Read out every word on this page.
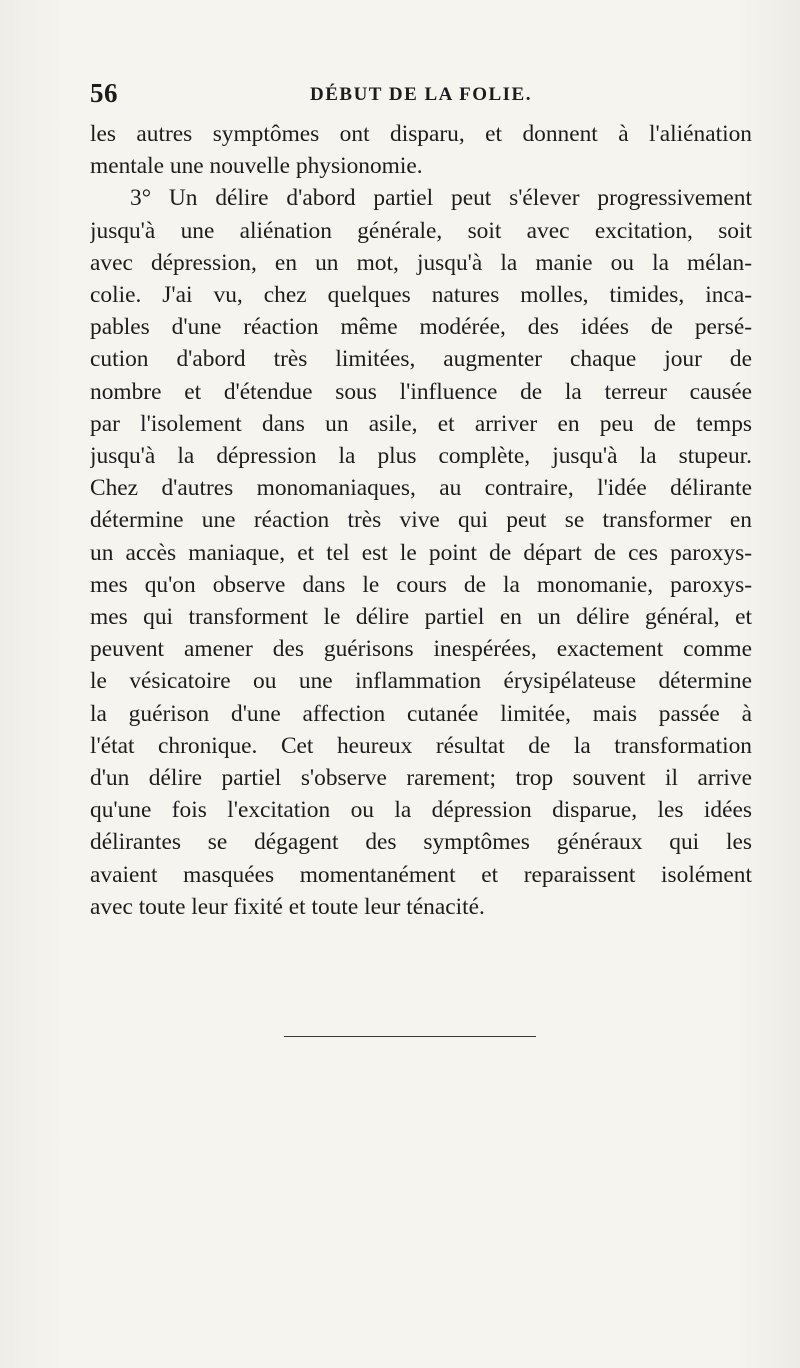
56	DÉBUT DE LA FOLIE.
les autres symptômes ont disparu, et donnent à l'aliénation
mentale une nouvelle physionomie.
3° Un délire d'abord partiel peut s'élever progressivement
jusqu'à une aliénation générale, soit avec excitation, soit
avec dépression, en un mot, jusqu'à la manie ou la mélan-
colie. J'ai vu, chez quelques natures molles, timides, inca-
pables d'une réaction même modérée, des idées de persé-
cution d'abord très limitées, augmenter chaque jour de
nombre et d'étendue sous l'influence de la terreur causée
par l'isolement dans un asile, et arriver en peu de temps
jusqu'à la dépression la plus complète, jusqu'à la stupeur.
Chez d'autres monomaniaques, au contraire, l'idée délirante
détermine une réaction très vive qui peut se transformer en
un accès maniaque, et tel est le point de départ de ces paroxys-
mes qu'on observe dans le cours de la monomanie, paroxys-
mes qui transforment le délire partiel en un délire général, et
peuvent amener des guérisons inespérées, exactement comme
le vésicatoire ou une inflammation érysipélateuse détermine
la guérison d'une affection cutanée limitée, mais passée à
l'état chronique. Cet heureux résultat de la transformation
d'un délire partiel s'observe rarement; trop souvent il arrive
qu'une fois l'excitation ou la dépression disparue, les idées
délirantes se dégagent des symptômes généraux qui les
avaient masquées momentanément et reparaissent isolément
avec toute leur fixité et toute leur ténacité.
